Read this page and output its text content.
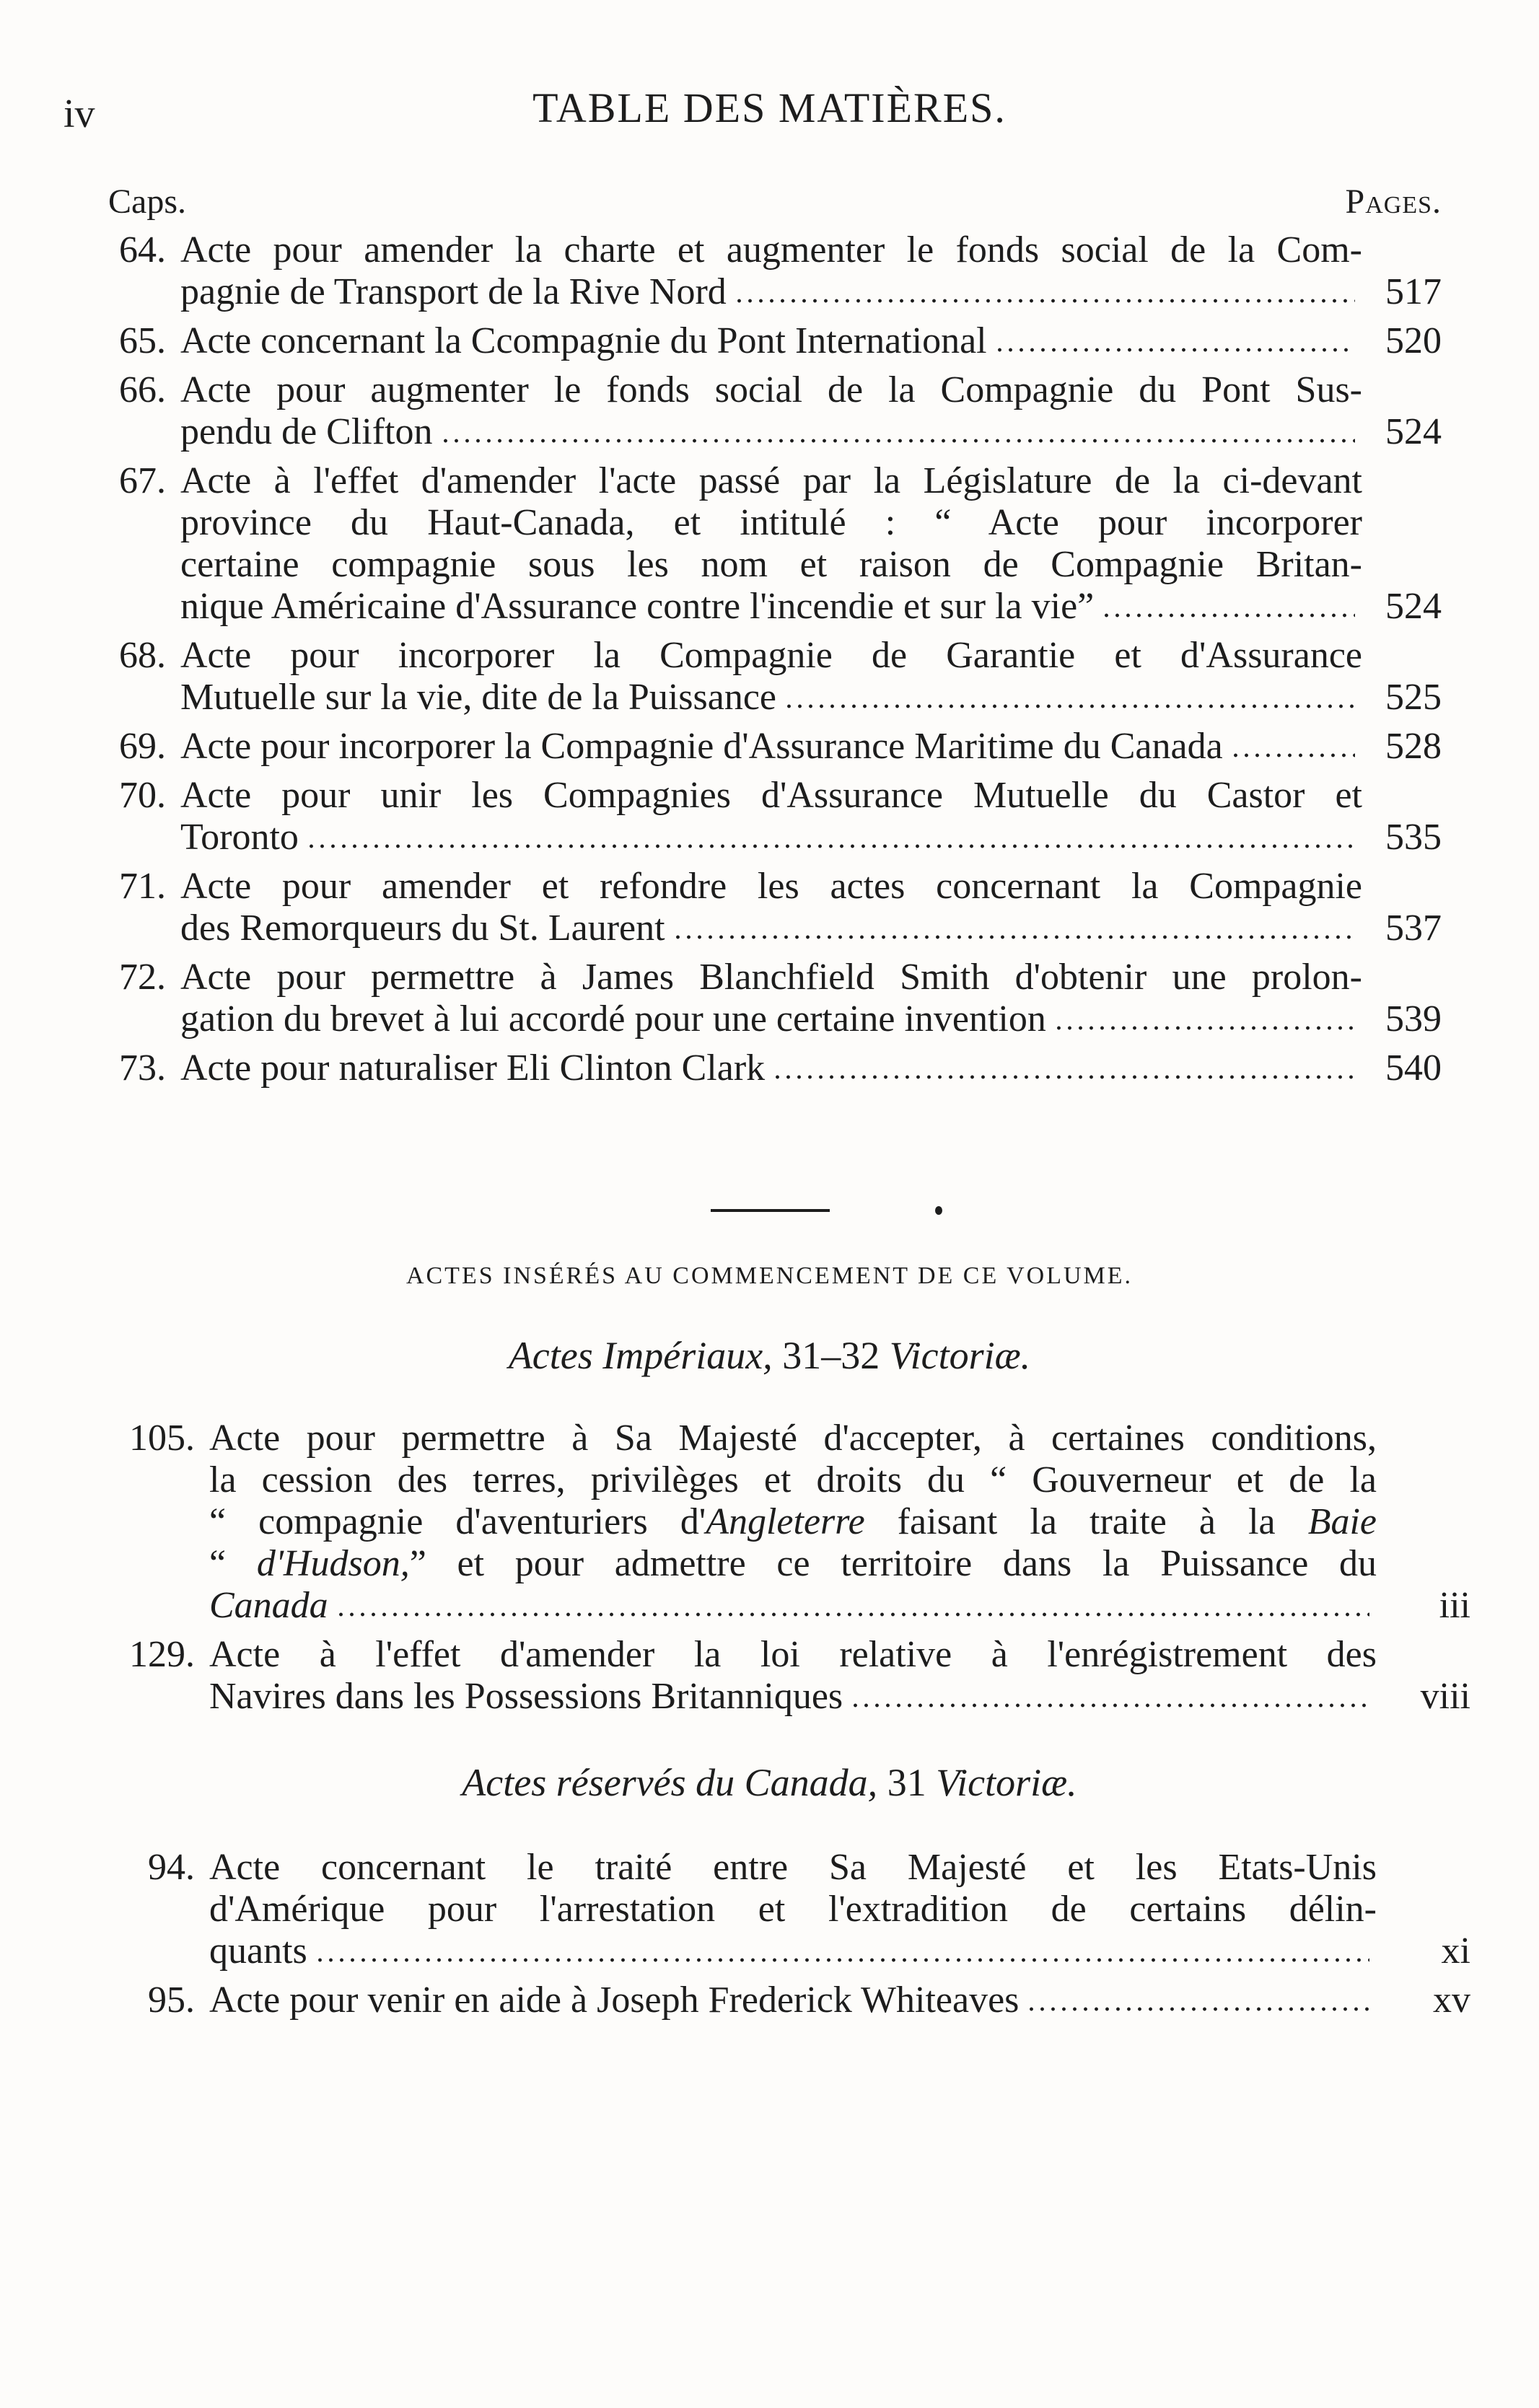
iv	TABLE DES MATIÈRES.
Caps.	Pages.
64. Acte pour amender la charte et augmenter le fonds social de la Com-
pagnie de Transport de la Rive Nord	517
65. Acte concernant la Ccompagnie du Pont International	520
66. Acte pour augmenter le fonds social de la Compagnie du Pont Sus-
pendu de Clifton	524
67. Acte à l'effet d'amender l'acte passé par la Législature de la ci-devant
province du Haut-Canada, et intitulé : “ Acte pour incorporer
certaine compagnie sous les nom et raison de Compagnie Britan-
nique Américaine d'Assurance contre l'incendie et sur la vie”	524
68. Acte pour incorporer la Compagnie de Garantie et d'Assurance
Mutuelle sur la vie, dite de la Puissance	525
69. Acte pour incorporer la Compagnie d'Assurance Maritime du Canada	528
70. Acte pour unir les Compagnies d'Assurance Mutuelle du Castor et
Toronto	535
71. Acte pour amender et refondre les actes concernant la Compagnie
des Remorqueurs du St. Laurent	537
72. Acte pour permettre à James Blanchfield Smith d'obtenir une prolon-
gation du brevet à lui accordé pour une certaine invention	539
73. Acte pour naturaliser Eli Clinton Clark	540
ACTES INSÉRÉS AU COMMENCEMENT DE CE VOLUME.
Actes Impériaux, 31–32 Victoriæ.
105. Acte pour permettre à Sa Majesté d'accepter, à certaines conditions,
la cession des terres, privilèges et droits du “ Gouverneur et de la
“ compagnie d'aventuriers d'Angleterre faisant la traite à la Baie
“ d'Hudson,” et pour admettre ce territoire dans la Puissance du
Canada	iii
129. Acte à l'effet d'amender la loi relative à l'enrégistrement des
Navires dans les Possessions Britanniques	viii
Actes réservés du Canada, 31 Victoriæ.
94. Acte concernant le traité entre Sa Majesté et les Etats-Unis
d'Amérique pour l'arrestation et l'extradition de certains délin-
quants	xi
95. Acte pour venir en aide à Joseph Frederick Whiteaves	xv
